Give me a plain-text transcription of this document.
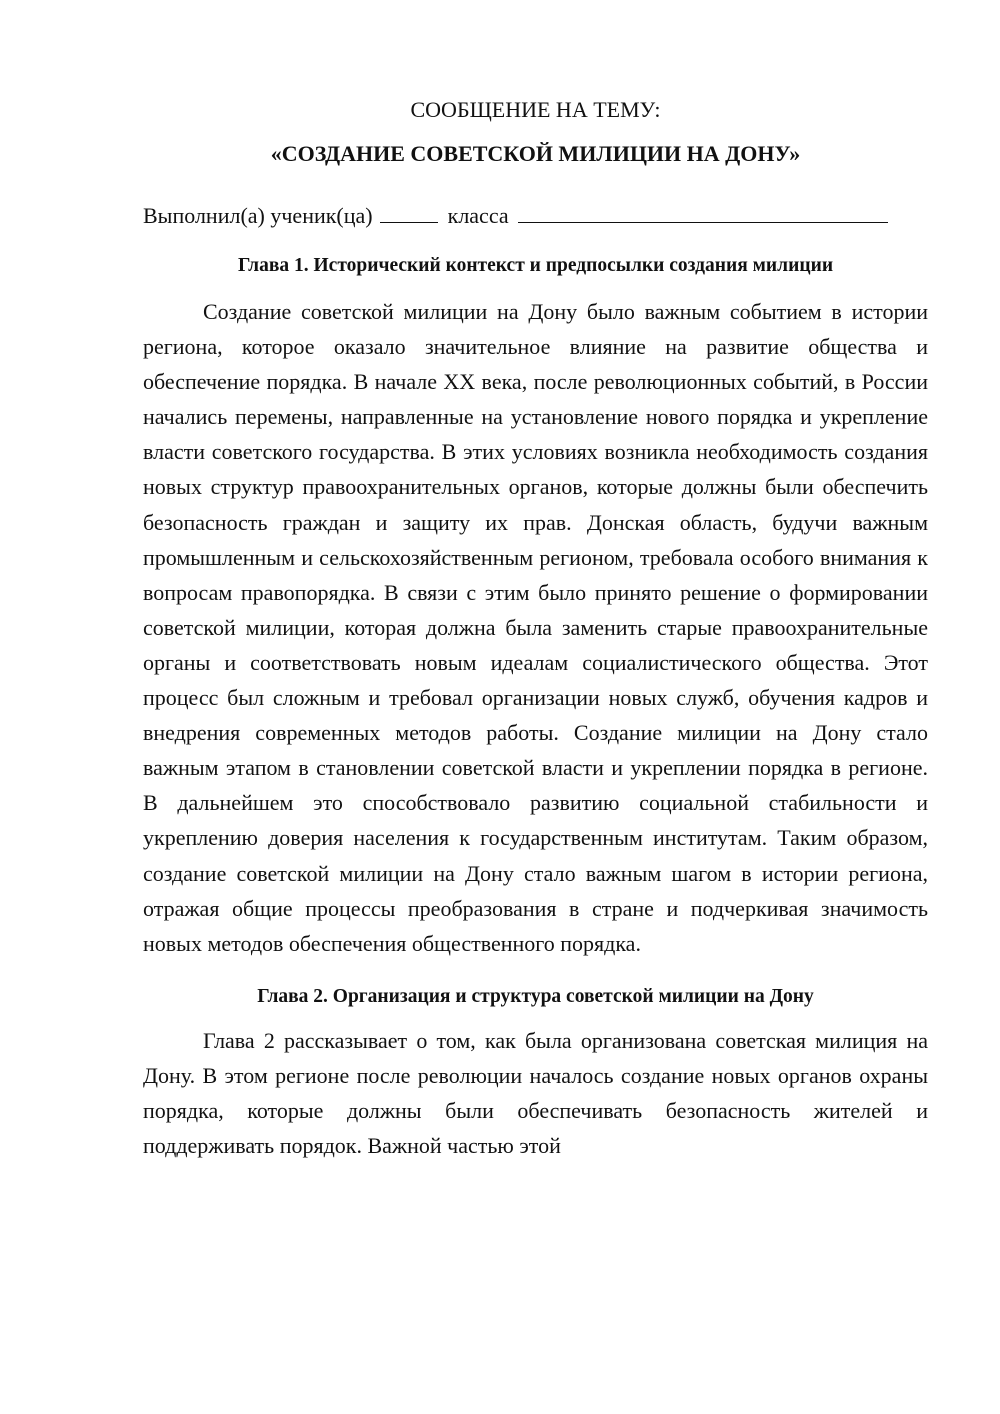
СООБЩЕНИЕ НА ТЕМУ:

«СОЗДАНИЕ СОВЕТСКОЙ МИЛИЦИИ НА ДОНУ»

Выполнил(а) ученик(ца)	класса
Глава 1. Исторический контекст и предпосылки создания милиции

Создание советской милиции на Дону было важным событием в истории региона, которое оказало значительное влияние на развитие общества и обеспечение порядка. В начале XX века, после революционных событий, в России начались перемены, направленные на установление нового порядка и укрепление власти советского государства. В этих условиях возникла необходимость создания новых структур правоохранительных органов, которые должны были обеспечить безопасность граждан и защиту их прав. Донская область, будучи важным промышленным и сельскохозяйственным регионом, требовала особого внимания к вопросам правопорядка. В связи с этим было принято решение о формировании советской милиции, которая должна была заменить старые правоохранительные органы и соответствовать новым идеалам социалистического общества. Этот процесс был сложным и требовал организации новых служб, обучения кадров и внедрения современных методов работы. Создание милиции на Дону стало важным этапом в становлении советской власти и укреплении порядка в регионе. В дальнейшем это способствовало развитию социальной стабильности и укреплению доверия населения к государственным институтам. Таким образом, создание советской милиции на Дону стало важным шагом в истории региона, отражая общие процессы преобразования в стране и подчеркивая значимость новых методов обеспечения общественного порядка.

Глава 2. Организация и структура советской милиции на Дону

Глава 2 рассказывает о том, как была организована советская милиция на Дону. В этом регионе после революции началось создание новых органов охраны порядка, которые должны были обеспечивать безопасность жителей и поддерживать порядок. Важной частью этой
